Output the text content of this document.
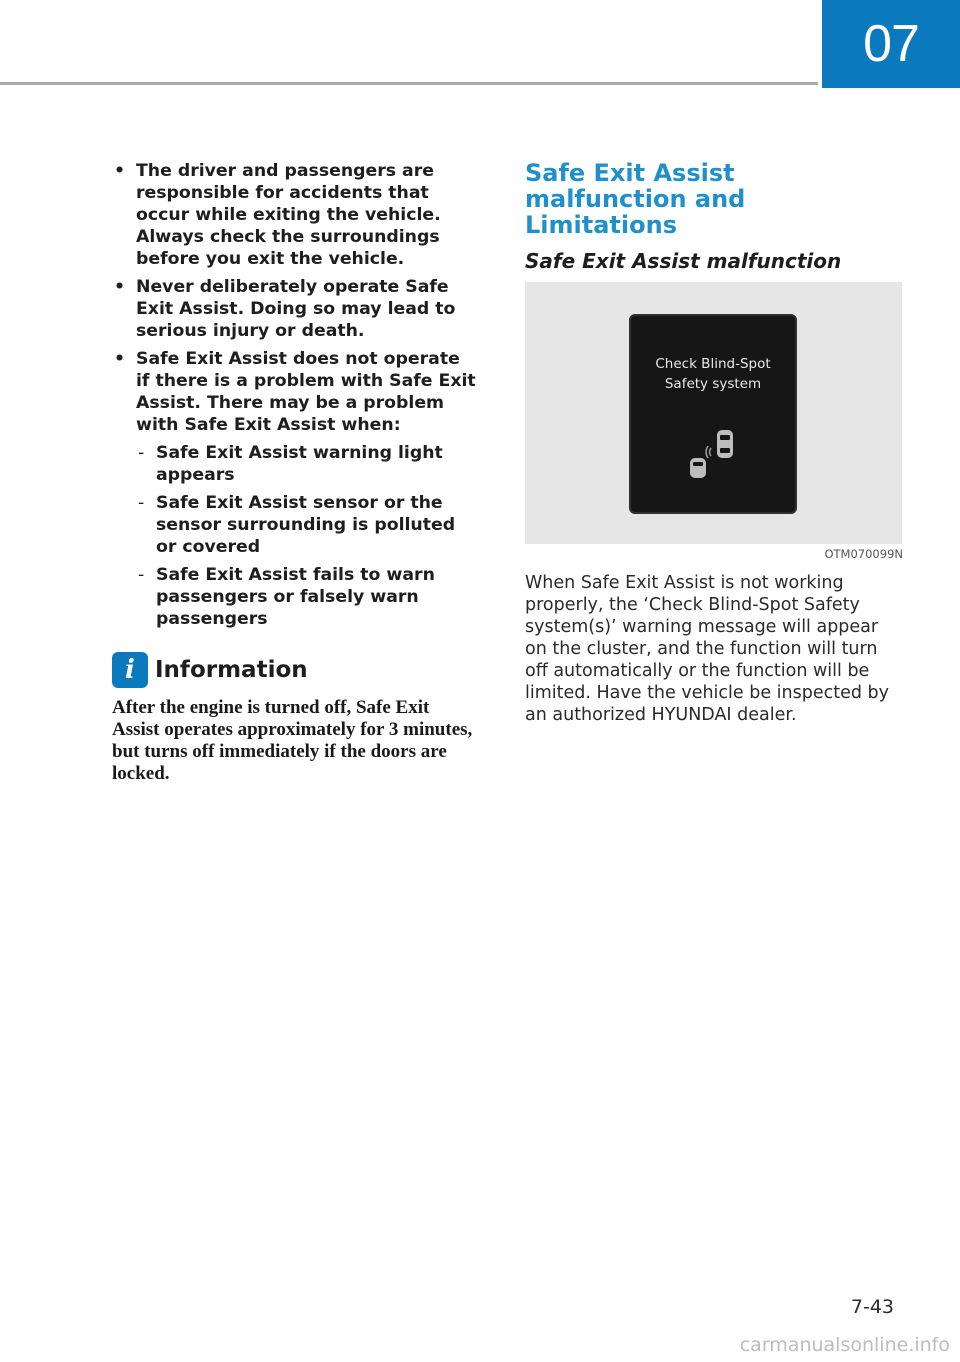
07
• The driver and passengers are responsible for accidents that occur while exiting the vehicle. Always check the surroundings before you exit the vehicle.
• Never deliberately operate Safe Exit Assist. Doing so may lead to serious injury or death.
• Safe Exit Assist does not operate if there is a problem with Safe Exit Assist. There may be a problem with Safe Exit Assist when:
- Safe Exit Assist warning light appears
- Safe Exit Assist sensor or the sensor surrounding is polluted or covered
- Safe Exit Assist fails to warn passengers or falsely warn passengers
i Information

After the engine is turned off, Safe Exit Assist operates approximately for 3 minutes, but turns off immediately if the doors are locked.

Safe Exit Assist malfunction and Limitations
Safe Exit Assist malfunction
Check Blind-Spot
Safety system
OTM070099N

When Safe Exit Assist is not working properly, the ‘Check Blind-Spot Safety system(s)’ warning message will appear on the cluster, and the function will turn off automatically or the function will be limited. Have the vehicle be inspected by an authorized HYUNDAI dealer.

7-43
carmanualsonline.info
